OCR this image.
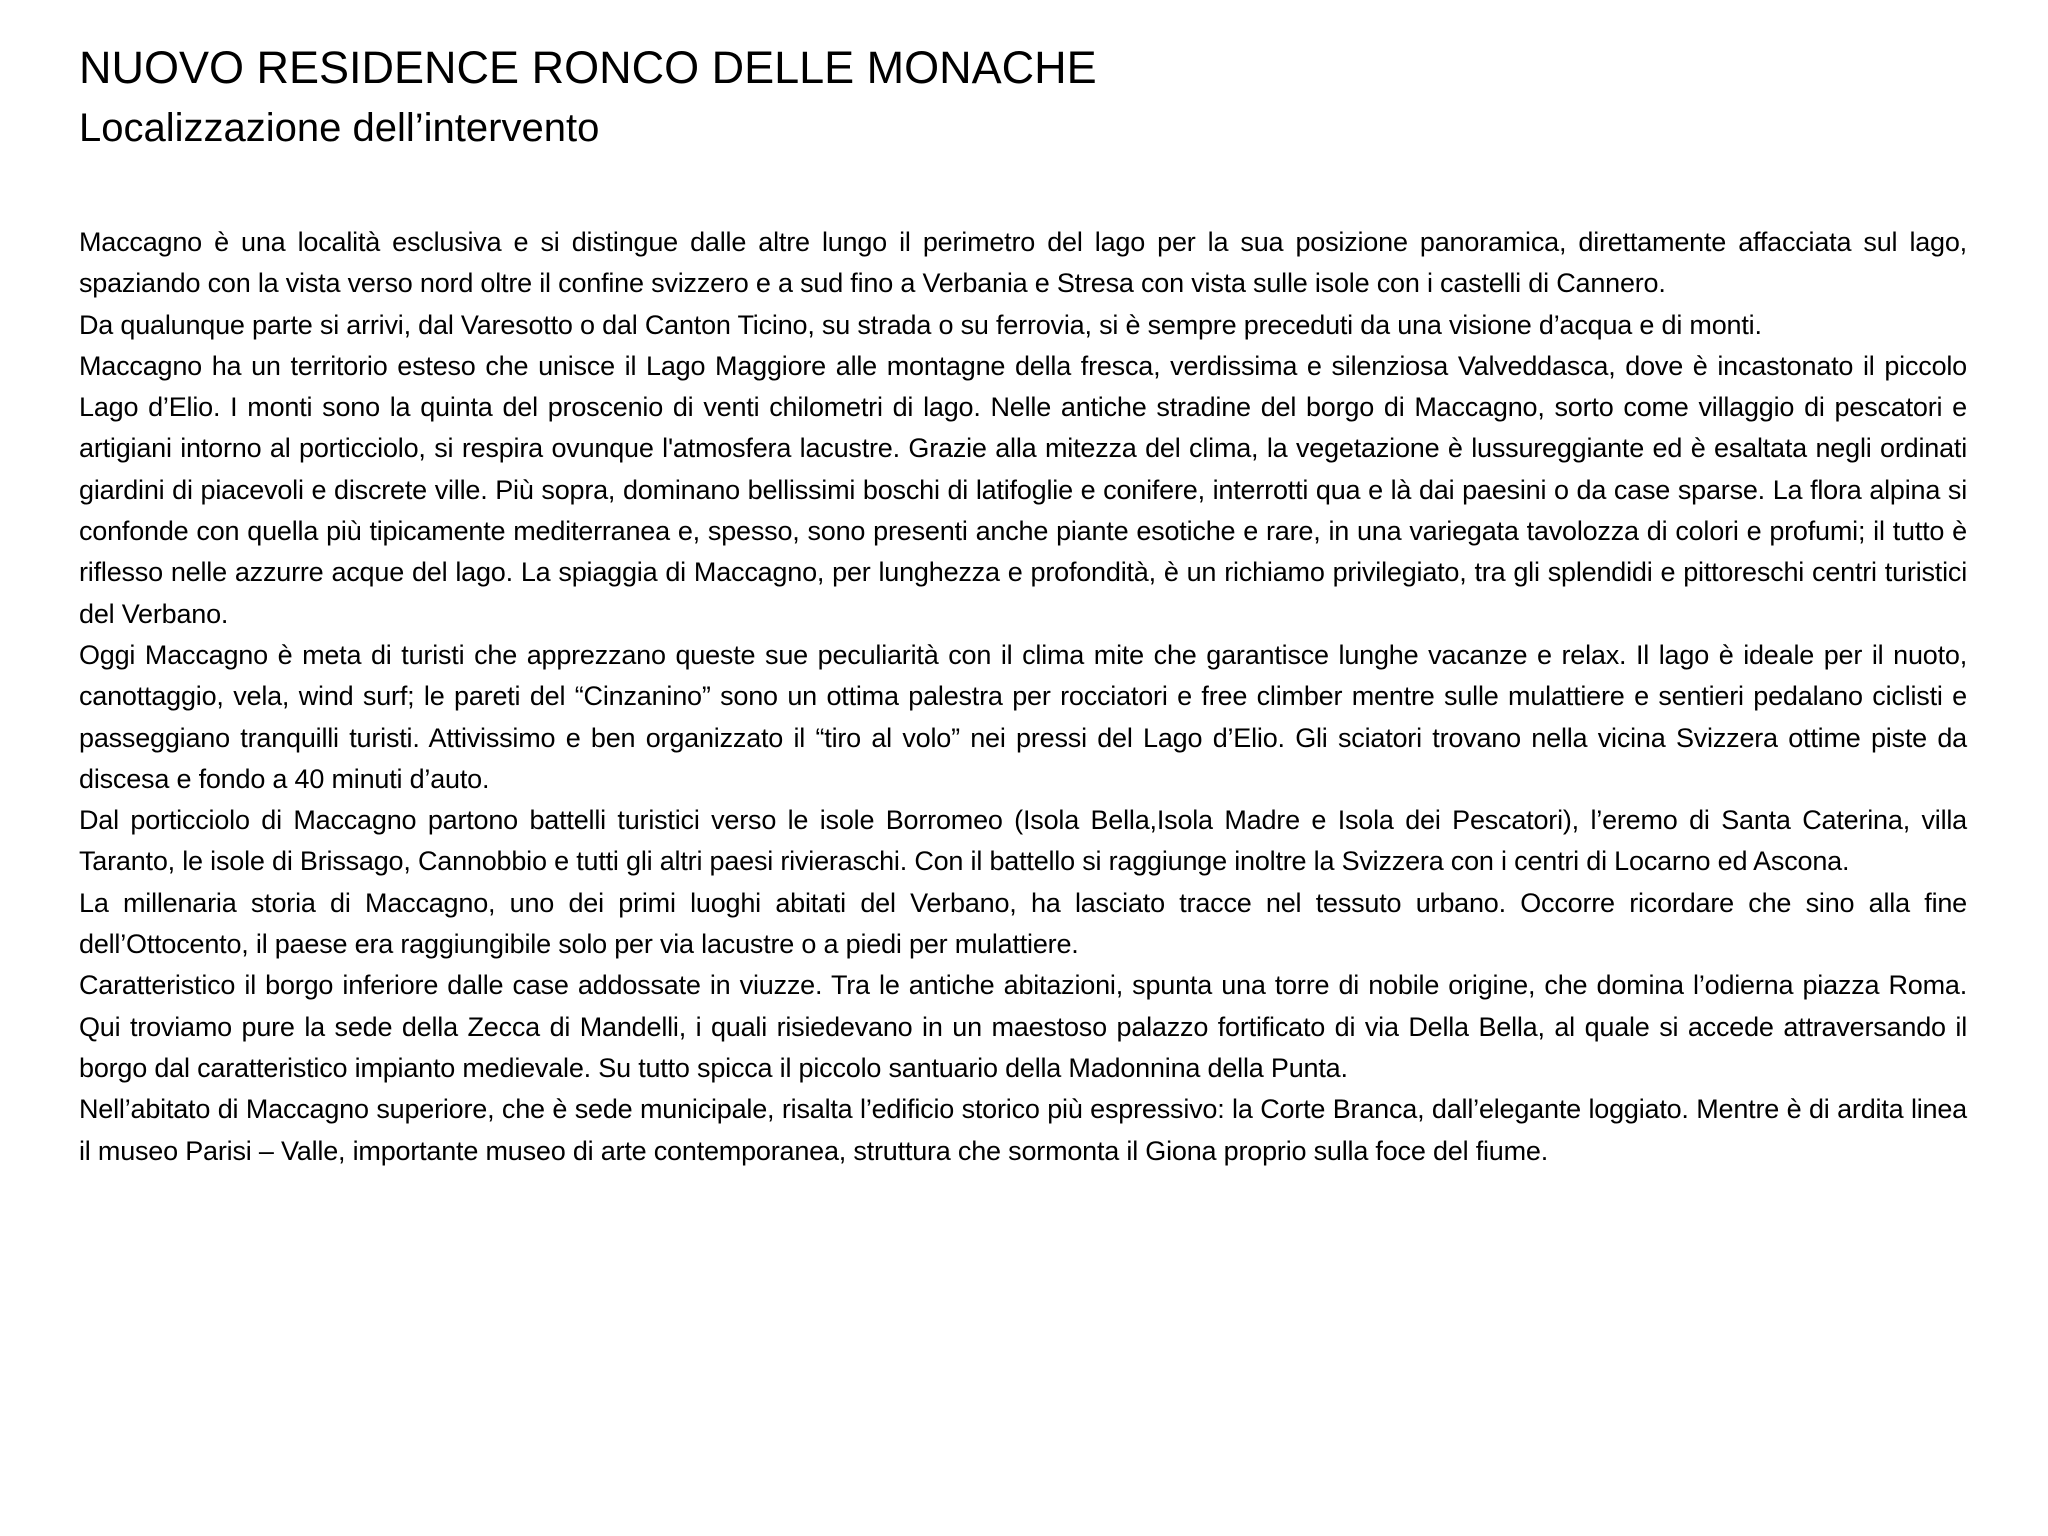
NUOVO RESIDENCE RONCO DELLE MONACHE
Localizzazione dell’intervento

Maccagno è una località esclusiva e si distingue dalle altre lungo il perimetro del lago per la sua posizione panoramica, direttamente affacciata sul lago, spaziando con la vista verso nord oltre il confine svizzero e a sud fino a Verbania e Stresa con vista sulle isole con i castelli di Cannero.

Da qualunque parte si arrivi, dal Varesotto o dal Canton Ticino, su strada o su ferrovia, si è sempre preceduti da una visione d’acqua e di monti.

Maccagno ha un territorio esteso che unisce il Lago Maggiore alle montagne della fresca, verdissima e silenziosa Valveddasca, dove è incastonato il piccolo Lago d’Elio. I monti sono la quinta del proscenio di venti chilometri di lago. Nelle antiche stradine del borgo di Maccagno, sorto come villaggio di pescatori e artigiani intorno al porticciolo, si respira ovunque l'atmosfera lacustre. Grazie alla mitezza del clima, la vegetazione è lussureggiante ed è esaltata negli ordinati giardini di piacevoli e discrete ville. Più sopra, dominano bellissimi boschi di latifoglie e conifere, interrotti qua e là dai paesini o da case sparse. La flora alpina si confonde con quella più tipicamente mediterranea e, spesso, sono presenti anche piante esotiche e rare, in una variegata tavolozza di colori e profumi; il tutto è riflesso nelle azzurre acque del lago. La spiaggia di Maccagno, per lunghezza e profondità, è un richiamo privilegiato, tra gli splendidi e pittoreschi centri turistici del Verbano.

Oggi Maccagno è meta di turisti che apprezzano queste sue peculiarità con il clima mite che garantisce lunghe vacanze e relax. Il lago è ideale per il nuoto, canottaggio, vela, wind surf; le pareti del “Cinzanino” sono un ottima palestra per rocciatori e free climber mentre sulle mulattiere e sentieri pedalano ciclisti e passeggiano tranquilli turisti. Attivissimo e ben organizzato il “tiro al volo” nei pressi del Lago d’Elio. Gli sciatori trovano nella vicina Svizzera ottime piste da discesa e fondo a 40 minuti d’auto.

Dal porticciolo di Maccagno partono battelli turistici verso le isole Borromeo (Isola Bella,Isola Madre e Isola dei Pescatori), l’eremo di Santa Caterina, villa Taranto, le isole di Brissago, Cannobbio e tutti gli altri paesi rivieraschi. Con il battello si raggiunge inoltre la Svizzera con i centri di Locarno ed Ascona.

La millenaria storia di Maccagno, uno dei primi luoghi abitati del Verbano, ha lasciato tracce nel tessuto urbano. Occorre ricordare che sino alla fine dell’Ottocento, il paese era raggiungibile solo per via lacustre o a piedi per mulattiere.

Caratteristico il borgo inferiore dalle case addossate in viuzze. Tra le antiche abitazioni, spunta una torre di nobile origine, che domina l’odierna piazza Roma. Qui troviamo pure la sede della Zecca di Mandelli, i quali risiedevano in un maestoso palazzo fortificato di via Della Bella, al quale si accede attraversando il borgo dal caratteristico impianto medievale. Su tutto spicca il piccolo santuario della Madonnina della Punta.

Nell’abitato di Maccagno superiore, che è sede municipale, risalta l’edificio storico più espressivo: la Corte Branca, dall’elegante loggiato. Mentre è di ardita linea il museo Parisi – Valle, importante museo di arte contemporanea, struttura che sormonta il Giona proprio sulla foce del fiume.
